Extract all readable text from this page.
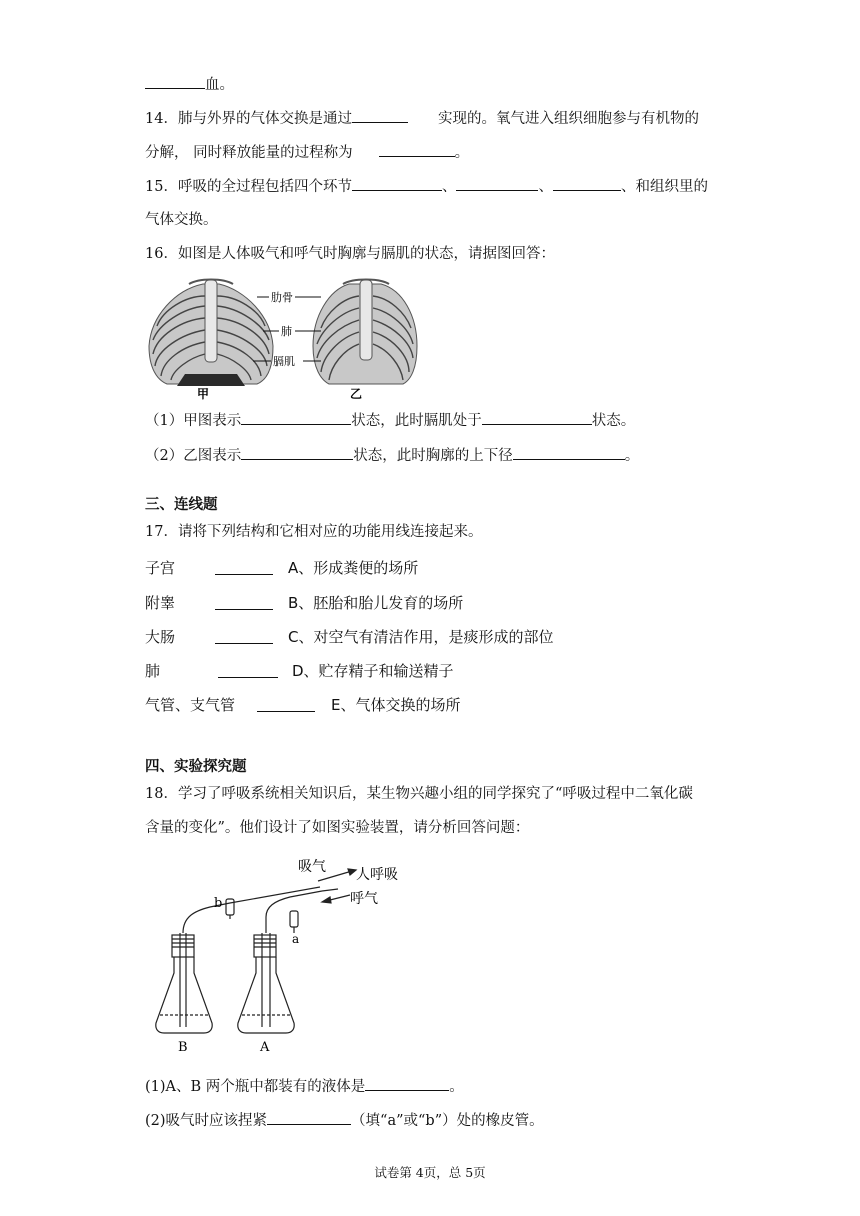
血。
14．肺与外界的气体交换是通过	实现的。氧气进入组织细胞参与有机物的
分解， 同时释放能量的过程称为	。
15．呼吸的全过程包括四个环节	、	、	、和组织里的
气体交换。
16．如图是人体吸气和呼气时胸廓与膈肌的状态，请据图回答：
肋骨
肺
膈肌
甲	乙
（1）甲图表示	状态，此时膈肌处于	状态。
（2）乙图表示	状态，此时胸廓的上下径	。
三、连线题
17．请将下列结构和它相对应的功能用线连接起来。
子宫	A、形成粪便的场所
附睾	B、胚胎和胎儿发育的场所
大肠	C、对空气有清洁作用，是痰形成的部位
肺	D、贮存精子和输送精子
气管、支气管	E、气体交换的场所
四、实验探究题
18．学习了呼吸系统相关知识后，某生物兴趣小组的同学探究了“呼吸过程中二氧化碳
含量的变化”。他们设计了如图实验装置，请分析回答问题：
吸气 人呼吸
呼气
b
a
B	A
(1)A、B 两个瓶中都装有的液体是	。
(2)吸气时应该捏紧	（填“a”或“b”）处的橡皮管。
试卷第 4页，总 5页
